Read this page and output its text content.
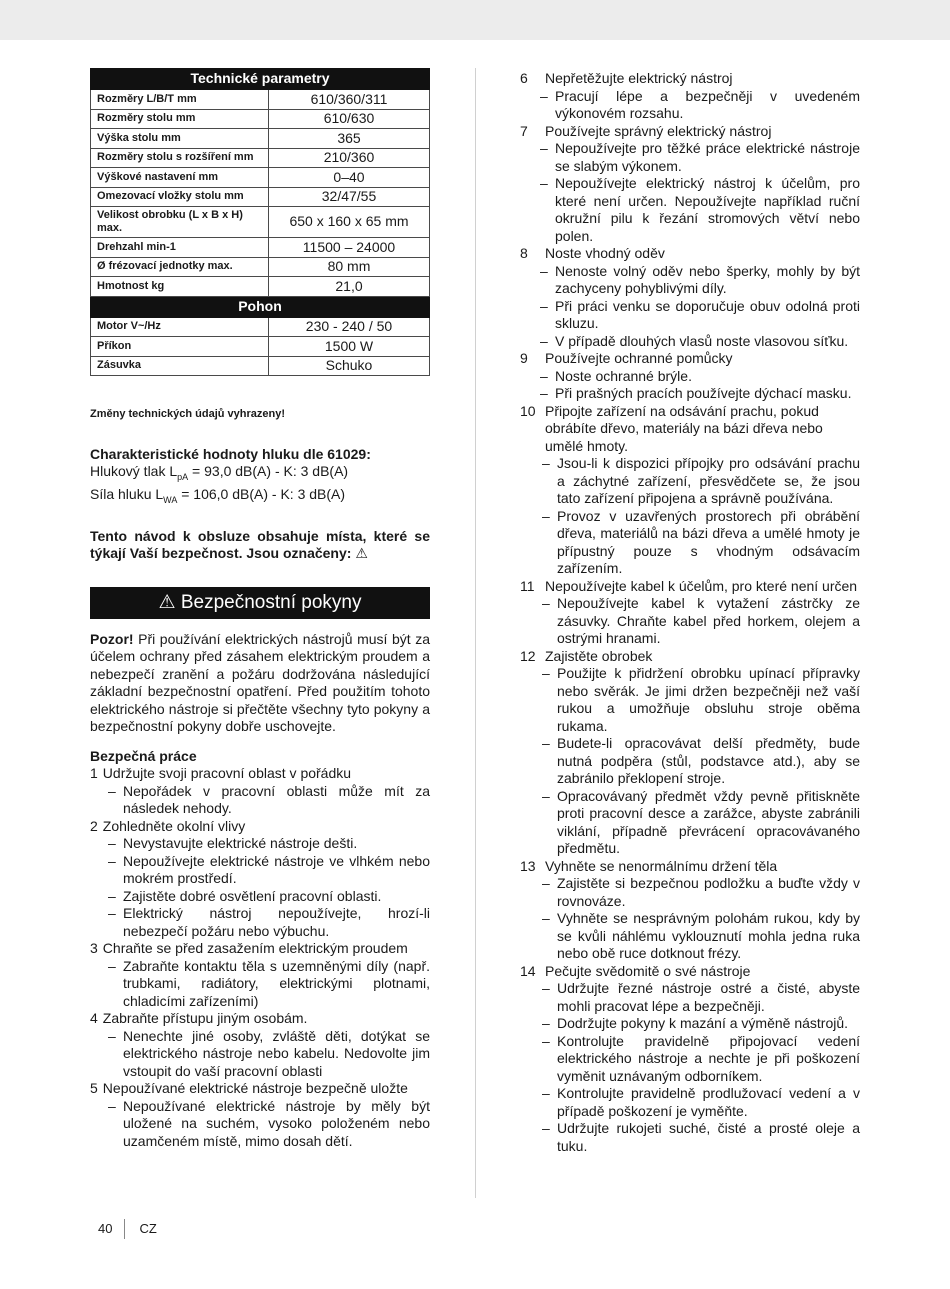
Technické parametry	
Rozměry L/B/T mm	610/360/311
Rozměry stolu mm	610/630
Výška stolu mm	365
Rozměry stolu s rozšíření mm	210/360
Výškové nastavení mm	0–40
Omezovací vložky stolu mm	32/47/55
Velikost obrobku (L x B x H) max.	650 x 160 x 65 mm
Drehzahl min-1	11500 – 24000
Ø frézovací jednotky max.	80 mm
Hmotnost kg	21,0
Pohon	
Motor V~/Hz	230 - 240 / 50
Příkon	1500 W
Zásuvka	Schuko
Změny technických údajů vyhrazeny!
Charakteristické hodnoty hluku dle 61029:
Hlukový tlak $L_{pA} = 93,0$ dB(A) - K: 3 dB(A)
Síla hluku $L_{WA} = 106,0$ dB(A) - K: 3 dB(A)
Tento návod k obsluze obsahuje místa, které se týkají Vaší bezpečnost. Jsou označeny: ⚠
⚠ Bezpečnostní pokyny
Pozor! Při používání elektrických nástrojů musí být za účelem ochrany před zásahem elektrickým proudem a nebezpečí zranění a požáru dodržována následující základní bezpečnostní opatření. Před použitím tohoto elektrického nástroje si přečtěte všechny tyto pokyny a bezpečnostní pokyny dobře uschovejte.
Bezpečná práce
1 Udržujte svoji pracovní oblast v pořádku
– Nepořádek v pracovní oblasti může mít za následek nehody.
2 Zohledněte okolní vlivy
– Nevystavujte elektrické nástroje dešti.
– Nepoužívejte elektrické nástroje ve vlhkém nebo mokrém prostředí.
– Zajistěte dobré osvětlení pracovní oblasti.
– Elektrický nástroj nepoužívejte, hrozí-li nebezpečí požáru nebo výbuchu.
3 Chraňte se před zasažením elektrickým proudem
– Zabraňte kontaktu těla s uzemněnými díly (např. trubkami, radiátory, elektrickými plotnami, chladicími zařízeními)
4 Zabraňte přístupu jiným osobám.
– Nenechte jiné osoby, zvláště děti, dotýkat se elektrického nástroje nebo kabelu. Nedovolte jim vstoupit do vaší pracovní oblasti
5 Nepoužívané elektrické nástroje bezpečně uložte
– Nepoužívané elektrické nástroje by měly být uložené na suchém, vysoko položeném nebo uzamčeném místě, mimo dosah dětí.
6	Nepřetěžujte elektrický nástroj
– Pracují lépe a bezpečněji v uvedeném výkonovém rozsahu.
7	Používejte správný elektrický nástroj
– Nepoužívejte pro těžké práce elektrické nástroje se slabým výkonem.
– Nepoužívejte elektrický nástroj k účelům, pro které není určen. Nepoužívejte například ruční okružní pilu k řezání stromových větví nebo polen.
8	Noste vhodný oděv
– Nenoste volný oděv nebo šperky, mohly by být zachyceny pohyblivými díly.
– Při práci venku se doporučuje obuv odolná proti skluzu.
– V případě dlouhých vlasů noste vlasovou síťku.
9	Používejte ochranné pomůcky
– Noste ochranné brýle.
– Při prašných pracích používejte dýchací masku.
10 Připojte zařízení na odsávání prachu, pokud obrábíte dřevo, materiály na bázi dřeva nebo umělé hmoty.
– Jsou-li k dispozici přípojky pro odsávání prachu a záchytné zařízení, přesvědčete se, že jsou tato zařízení připojena a správně používána.
– Provoz v uzavřených prostorech při obrábění dřeva, materiálů na bázi dřeva a umělé hmoty je přípustný pouze s vhodným odsávacím zařízením.
11 Nepoužívejte kabel k účelům, pro které není určen
– Nepoužívejte kabel k vytažení zástrčky ze zásuvky. Chraňte kabel před horkem, olejem a ostrými hranami.
12 Zajistěte obrobek
– Použijte k přidržení obrobku upínací přípravky nebo svěrák. Je jimi držen bezpečněji než vaší rukou a umožňuje obsluhu stroje oběma rukama.
– Budete-li opracovávat delší předměty, bude nutná podpěra (stůl, podstavce atd.), aby se zabránilo překlopení stroje.
– Opracovávaný předmět vždy pevně přitiskněte proti pracovní desce a zarážce, abyste zabránili viklání, případně převrácení opracovávaného předmětu.
13 Vyhněte se nenormálnímu držení těla
– Zajistěte si bezpečnou podložku a buďte vždy v rovnováze.
– Vyhněte se nesprávným polohám rukou, kdy by se kvůli náhlému vyklouznutí mohla jedna ruka nebo obě ruce dotknout frézy.
14 Pečujte svědomitě o své nástroje
– Udržujte řezné nástroje ostré a čisté, abyste mohli pracovat lépe a bezpečněji.
– Dodržujte pokyny k mazání a výměně nástrojů.
– Kontrolujte pravidelně připojovací vedení elektrického nástroje a nechte je při poškození vyměnit uznávaným odborníkem.
– Kontrolujte pravidelně prodlužovací vedení a v případě poškození je vyměňte.
– Udržujte rukojeti suché, čisté a prosté oleje a tuku.
40 CZ
